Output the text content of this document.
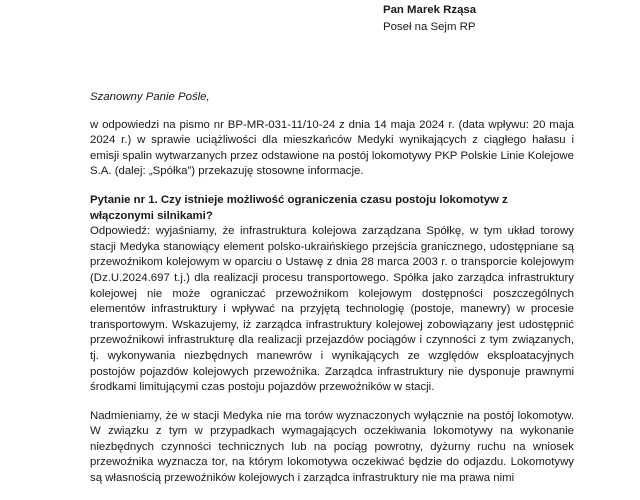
Pan Marek Rząsa
Poseł na Sejm RP
Szanowny Panie Pośle,

w odpowiedzi na pismo nr BP-MR-031-11/10-24 z dnia 14 maja 2024 r. (data wpływu: 20 maja 2024 r.) w sprawie uciążliwości dla mieszkańców Medyki wynikających z ciągłego hałasu i emisji spalin wytwarzanych przez odstawione na postój lokomotywy PKP Polskie Linie Kolejowe S.A. (dalej: „Spółka”) przekazuję stosowne informacje.

Pytanie nr 1. Czy istnieje możliwość ograniczenia czasu postoju lokomotyw z włączonymi silnikami?
Odpowiedź: wyjaśniamy, że infrastruktura kolejowa zarządzana Spółkę, w tym układ torowy stacji Medyka stanowiący element polsko-ukraińskiego przejścia granicznego, udostępniane są przewoźnikom kolejowym w oparciu o Ustawę z dnia 28 marca 2003 r. o transporcie kolejowym (Dz.U.2024.697 t.j.) dla realizacji procesu transportowego. Spółka jako zarządca infrastruktury kolejowej nie może ograniczać przewoźnikom kolejowym dostępności poszczególnych elementów infrastruktury i wpływać na przyjętą technologię (postoje, manewry) w procesie transportowym. Wskazujemy, iż zarządca infrastruktury kolejowej zobowiązany jest udostępnić przewoźnikowi infrastrukturę dla realizacji przejazdów pociągów i czynności z tym związanych, tj. wykonywania niezbędnych manewrów i wynikających ze względów eksploatacyjnych postojów pojazdów kolejowych przewoźnika. Zarządca infrastruktury nie dysponuje prawnymi środkami limitującymi czas postoju pojazdów przewoźników w stacji.

Nadmieniamy, że w stacji Medyka nie ma torów wyznaczonych wyłącznie na postój lokomotyw. W związku z tym w przypadkach wymagających oczekiwania lokomotywy na wykonanie niezbędnych czynności technicznych lub na pociąg powrotny, dyżurny ruchu na wniosek przewoźnika wyznacza tor, na którym lokomotywa oczekiwać będzie do odjazdu. Lokomotywy są własnością przewoźników kolejowych i zarządca infrastruktury nie ma prawa nimi
